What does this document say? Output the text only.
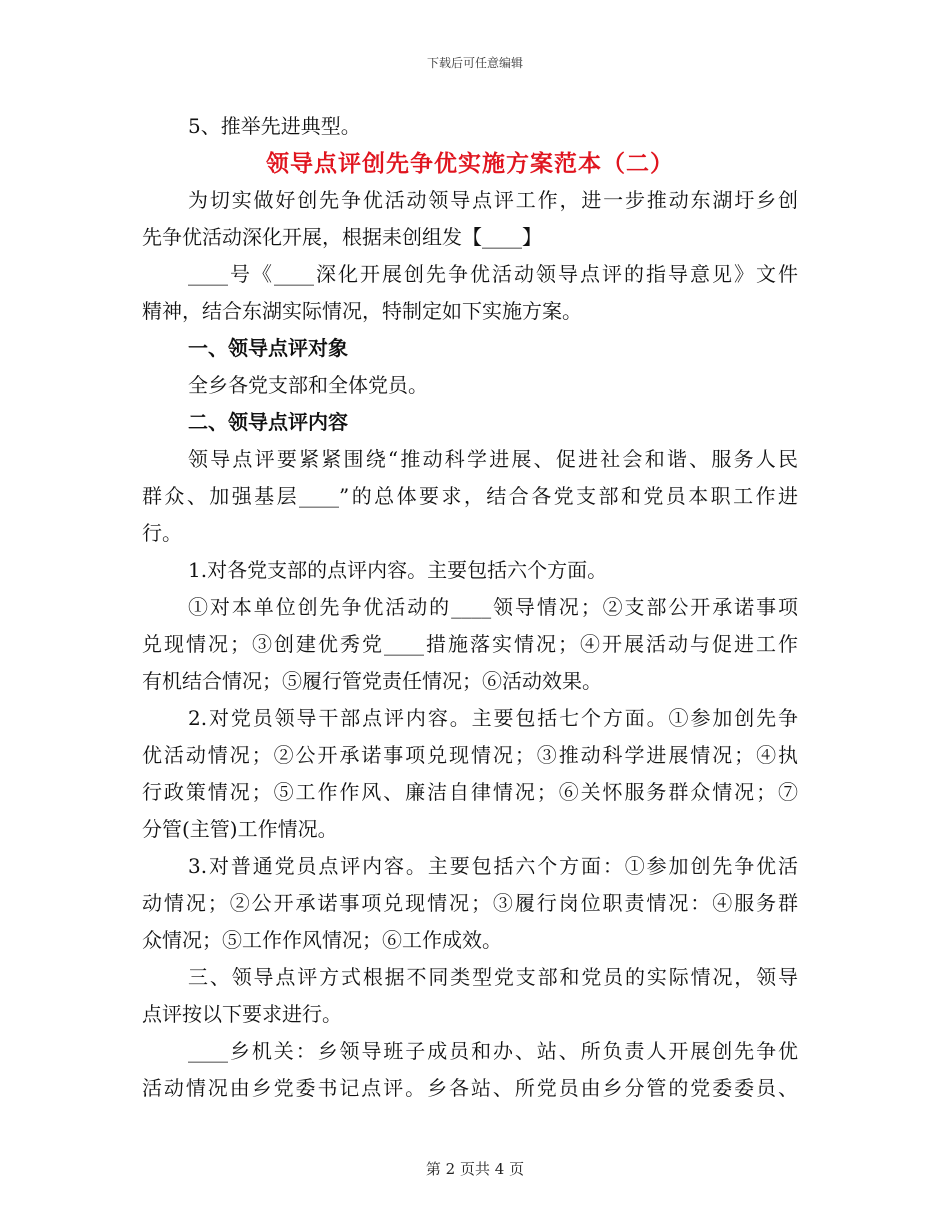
下载后可任意编辑
5、推举先进典型。
领导点评创先争优实施方案范本（二）
为切实做好创先争优活动领导点评工作，进一步推动东湖圩乡创
先争优活动深化开展，根据耒创组发【____】
____号《____深化开展创先争优活动领导点评的指导意见》文件
精神，结合东湖实际情况，特制定如下实施方案。
一、领导点评对象
全乡各党支部和全体党员。
二、领导点评内容
领导点评要紧紧围绕“推动科学进展、促进社会和谐、服务人民
群众、加强基层____”的总体要求，结合各党支部和党员本职工作进
行。
1.对各党支部的点评内容。主要包括六个方面。
①对本单位创先争优活动的____领导情况；②支部公开承诺事项
兑现情况；③创建优秀党____措施落实情况；④开展活动与促进工作
有机结合情况；⑤履行管党责任情况；⑥活动效果。
2.对党员领导干部点评内容。主要包括七个方面。①参加创先争
优活动情况；②公开承诺事项兑现情况；③推动科学进展情况；④执
行政策情况；⑤工作作风、廉洁自律情况；⑥关怀服务群众情况；⑦
分管(主管)工作情况。
3.对普通党员点评内容。主要包括六个方面：①参加创先争优活
动情况；②公开承诺事项兑现情况；③履行岗位职责情况：④服务群
众情况；⑤工作作风情况；⑥工作成效。
三、领导点评方式根据不同类型党支部和党员的实际情况，领导
点评按以下要求进行。
____乡机关：乡领导班子成员和办、站、所负责人开展创先争优
活动情况由乡党委书记点评。乡各站、所党员由乡分管的党委委员、
第 2 页共 4 页
